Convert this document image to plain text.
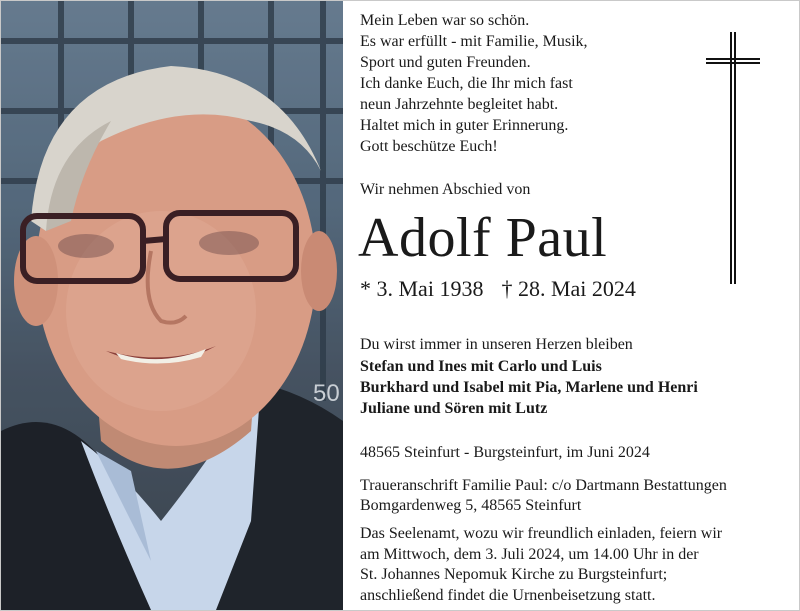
50
Mein Leben war so schön.
Es war erfüllt - mit Familie, Musik,
Sport und guten Freunden.
Ich danke Euch, die Ihr mich fast
neun Jahrzehnte begleitet habt.
Haltet mich in guter Erinnerung.
Gott beschütze Euch!
Wir nehmen Abschied von
Adolf Paul
* 3. Mai 1938 † 28. Mai 2024
Du wirst immer in unseren Herzen bleiben
Stefan und Ines mit Carlo und Luis
Burkhard und Isabel mit Pia, Marlene und Henri
Juliane und Sören mit Lutz
48565 Steinfurt - Burgsteinfurt, im Juni 2024
Traueranschrift Familie Paul: c/o Dartmann Bestattungen
Bomgardenweg 5, 48565 Steinfurt
Das Seelenamt, wozu wir freundlich einladen, feiern wir
am Mittwoch, dem 3. Juli 2024, um 14.00 Uhr in der
St. Johannes Nepomuk Kirche zu Burgsteinfurt;
anschließend findet die Urnenbeisetzung statt.
